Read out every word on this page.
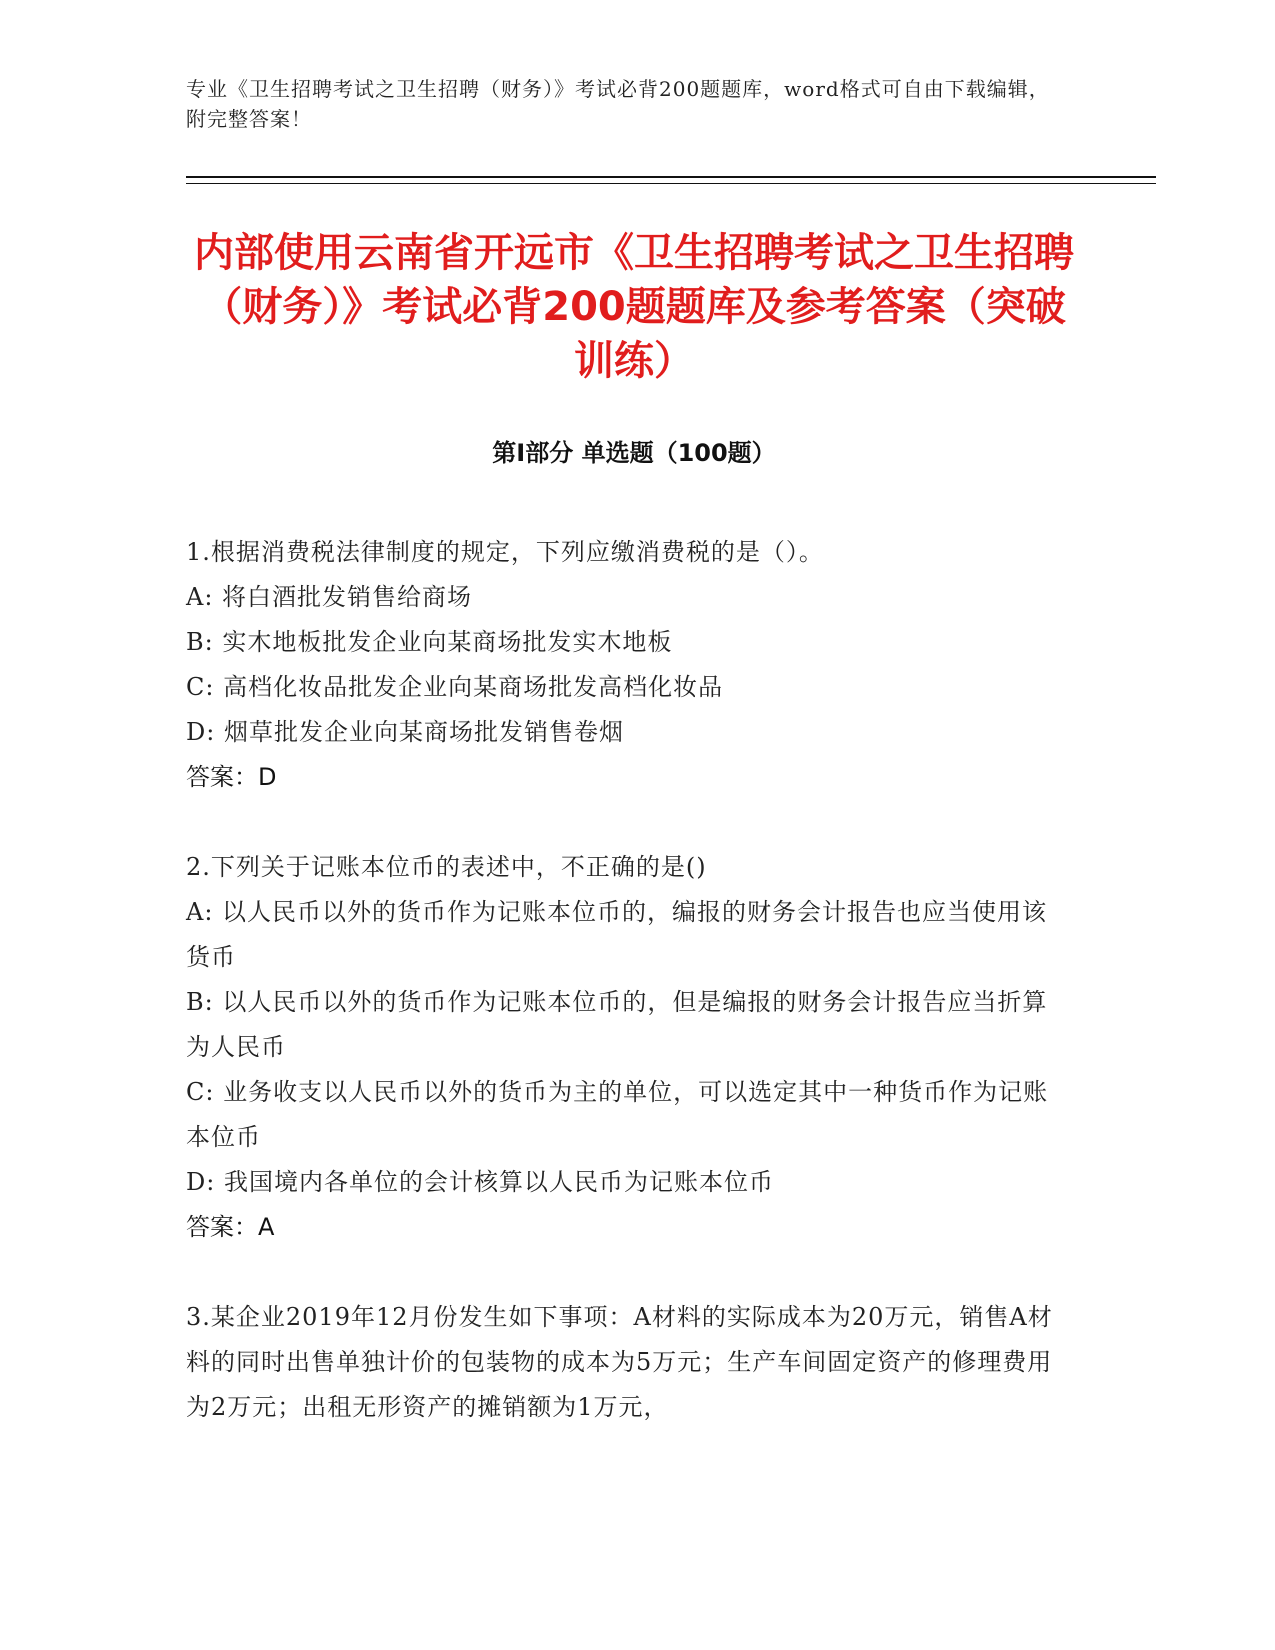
专业《卫生招聘考试之卫生招聘（财务）》考试必背200题题库，word格式可自由下载编辑，附完整答案！
内部使用云南省开远市《卫生招聘考试之卫生招聘（财务）》考试必背200题题库及参考答案（突破训练）
第Ⅰ部分 单选题（100题）

1.根据消费税法律制度的规定，下列应缴消费税的是（）。

A: 将白酒批发销售给商场

B: 实木地板批发企业向某商场批发实木地板

C: 高档化妆品批发企业向某商场批发高档化妆品

D: 烟草批发企业向某商场批发销售卷烟

答案：D

2.下列关于记账本位币的表述中，不正确的是()

A: 以人民币以外的货币作为记账本位币的，编报的财务会计报告也应当使用该货币

B: 以人民币以外的货币作为记账本位币的，但是编报的财务会计报告应当折算为人民币

C: 业务收支以人民币以外的货币为主的单位，可以选定其中一种货币作为记账本位币

D: 我国境内各单位的会计核算以人民币为记账本位币

答案：A

3.某企业2019年12月份发生如下事项：A材料的实际成本为20万元，销售A材料的同时出售单独计价的包装物的成本为5万元；生产车间固定资产的修理费用为2万元；出租无形资产的摊销额为1万元，
